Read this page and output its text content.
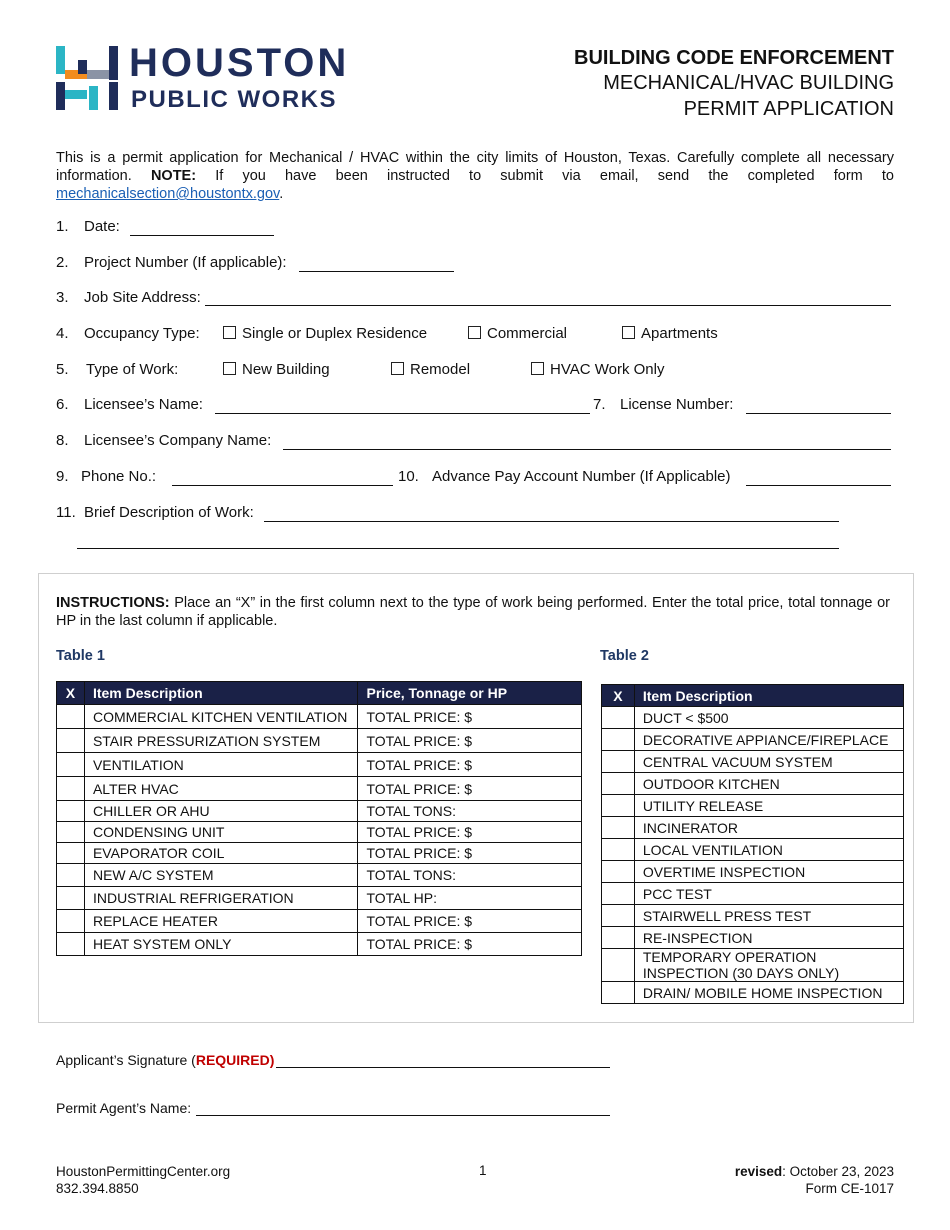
HOUSTON
PUBLIC WORKS
BUILDING CODE ENFORCEMENT
MECHANICAL/HVAC BUILDING
PERMIT APPLICATION
This is a permit application for Mechanical / HVAC within the city limits of Houston, Texas. Carefully complete all necessary information. NOTE: If you have been instructed to submit via email, send the completed form to mechanicalsection@houstontx.gov.
1. Date:
2. Project Number (If applicable):
3. Job Site Address:
4. Occupancy Type:	Single or Duplex Residence	Commercial	Apartments
5. Type of Work:	New Building	Remodel	HVAC Work Only
6. Licensee’s Name:	7. License Number:
8. Licensee’s Company Name:
9. Phone No.:	10. Advance Pay Account Number (If Applicable)
11. Brief Description of Work:
INSTRUCTIONS: Place an “X” in the first column next to the type of work being performed. Enter the total price, total tonnage or HP in the last column if applicable.
Table 1	Table 2
X	Item Description	Price, Tonnage or HP
	COMMERCIAL KITCHEN VENTILATION	TOTAL PRICE: $
	STAIR PRESSURIZATION SYSTEM	TOTAL PRICE: $
	VENTILATION	TOTAL PRICE: $
	ALTER HVAC	TOTAL PRICE: $
	CHILLER OR AHU	TOTAL TONS:
	CONDENSING UNIT	TOTAL PRICE: $
	EVAPORATOR COIL	TOTAL PRICE: $
	NEW A/C SYSTEM	TOTAL TONS:
	INDUSTRIAL REFRIGERATION	TOTAL HP:
	REPLACE HEATER	TOTAL PRICE: $
	HEAT SYSTEM ONLY	TOTAL PRICE: $
X	Item Description
	DUCT < $500
	DECORATIVE APPIANCE/FIREPLACE
	CENTRAL VACUUM SYSTEM
	OUTDOOR KITCHEN
	UTILITY RELEASE
	INCINERATOR
	LOCAL VENTILATION
	OVERTIME INSPECTION
	PCC TEST
	STAIRWELL PRESS TEST
	RE-INSPECTION
	TEMPORARY OPERATION INSPECTION (30 DAYS ONLY)
	DRAIN/ MOBILE HOME INSPECTION
Applicant’s Signature (REQUIRED)
Permit Agent’s Name:
HoustonPermittingCenter.org
832.394.8850
1	revised: October 23, 2023
Form CE-1017
